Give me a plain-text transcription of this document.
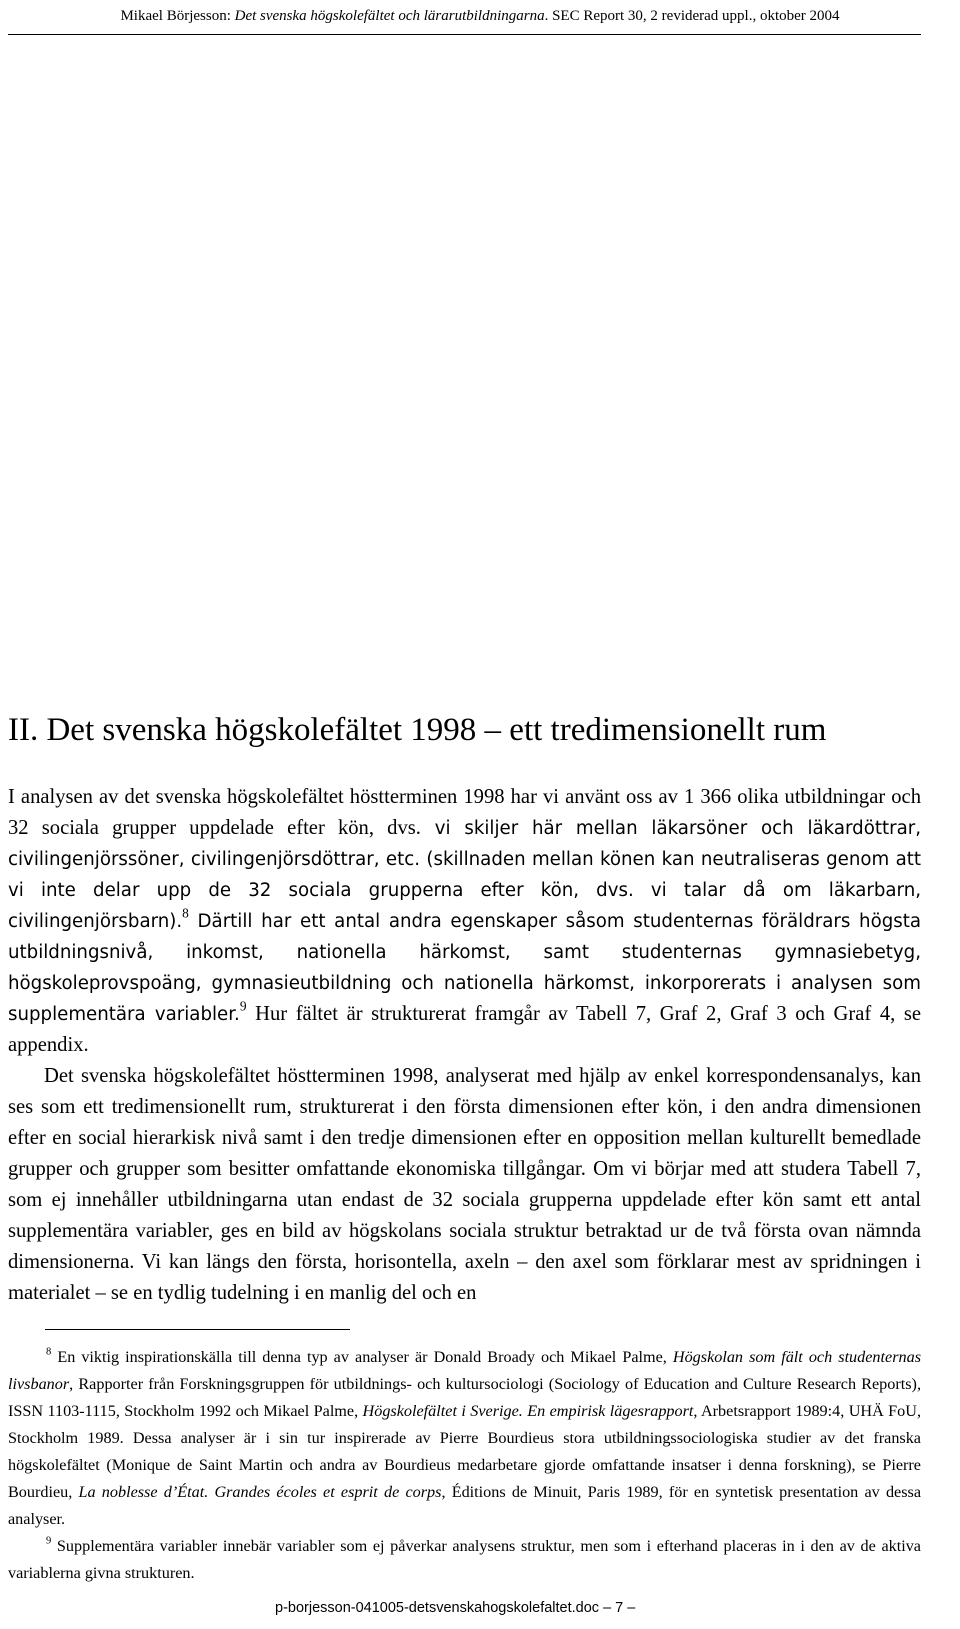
Mikael Börjesson: Det svenska högskolefältet och lärarutbildningarna. SEC Report 30, 2 reviderad uppl., oktober 2004
II. Det svenska högskolefältet 1998 – ett tredimensionellt rum

I analysen av det svenska högskolefältet höstterminen 1998 har vi använt oss av 1 366 olika utbildningar och 32 sociala grupper uppdelade efter kön, dvs. vi skiljer här mellan läkarsöner och läkardöttrar, civilingenjörssöner, civilingenjörsdöttrar, etc. (skillnaden mellan könen kan neutraliseras genom att vi inte delar upp de 32 sociala grupperna efter kön, dvs. vi talar då om läkarbarn, civilingenjörsbarn).$^8$ Därtill har ett antal andra egenskaper såsom studenternas föräldrars högsta utbildningsnivå, inkomst, nationella härkomst, samt studenternas gymnasiebetyg, högskoleprovspoäng, gymnasieutbildning och nationella härkomst, inkorporerats i analysen som supplementära variabler.$^9$ Hur fältet är strukturerat framgår av Tabell 7, Graf 2, Graf 3 och Graf 4, se appendix.

Det svenska högskolefältet höstterminen 1998, analyserat med hjälp av enkel korrespondensanalys, kan ses som ett tredimensionellt rum, strukturerat i den första dimensionen efter kön, i den andra dimensionen efter en social hierarkisk nivå samt i den tredje dimensionen efter en opposition mellan kulturellt bemedlade grupper och grupper som besitter omfattande ekonomiska tillgångar. Om vi börjar med att studera Tabell 7, som ej innehåller utbildningarna utan endast de 32 sociala grupperna uppdelade efter kön samt ett antal supplementära variabler, ges en bild av högskolans sociala struktur betraktad ur de två första ovan nämnda dimensionerna. Vi kan längs den första, horisontella, axeln – den axel som förklarar mest av spridningen i materialet – se en tydlig tudelning i en manlig del och en

$^8$ En viktig inspirationskälla till denna typ av analyser är Donald Broady och Mikael Palme, Högskolan som fält och studenternas livsbanor, Rapporter från Forskningsgruppen för utbildnings- och kultursociologi (Sociology of Education and Culture Research Reports), ISSN 1103-1115, Stockholm 1992 och Mikael Palme, Högskolefältet i Sverige. En empirisk lägesrapport, Arbetsrapport 1989:4, UHÄ FoU, Stockholm 1989. Dessa analyser är i sin tur inspirerade av Pierre Bourdieus stora utbildningssociologiska studier av det franska högskolefältet (Monique de Saint Martin och andra av Bourdieus medarbetare gjorde omfattande insatser i denna forskning), se Pierre Bourdieu, La noblesse d’État. Grandes écoles et esprit de corps, Éditions de Minuit, Paris 1989, för en syntetisk presentation av dessa analyser.

$^9$ Supplementära variabler innebär variabler som ej påverkar analysens struktur, men som i efterhand placeras in i den av de aktiva variablerna givna strukturen.

p-borjesson-041005-detsvenskahogskolefaltet.doc – 7 –
